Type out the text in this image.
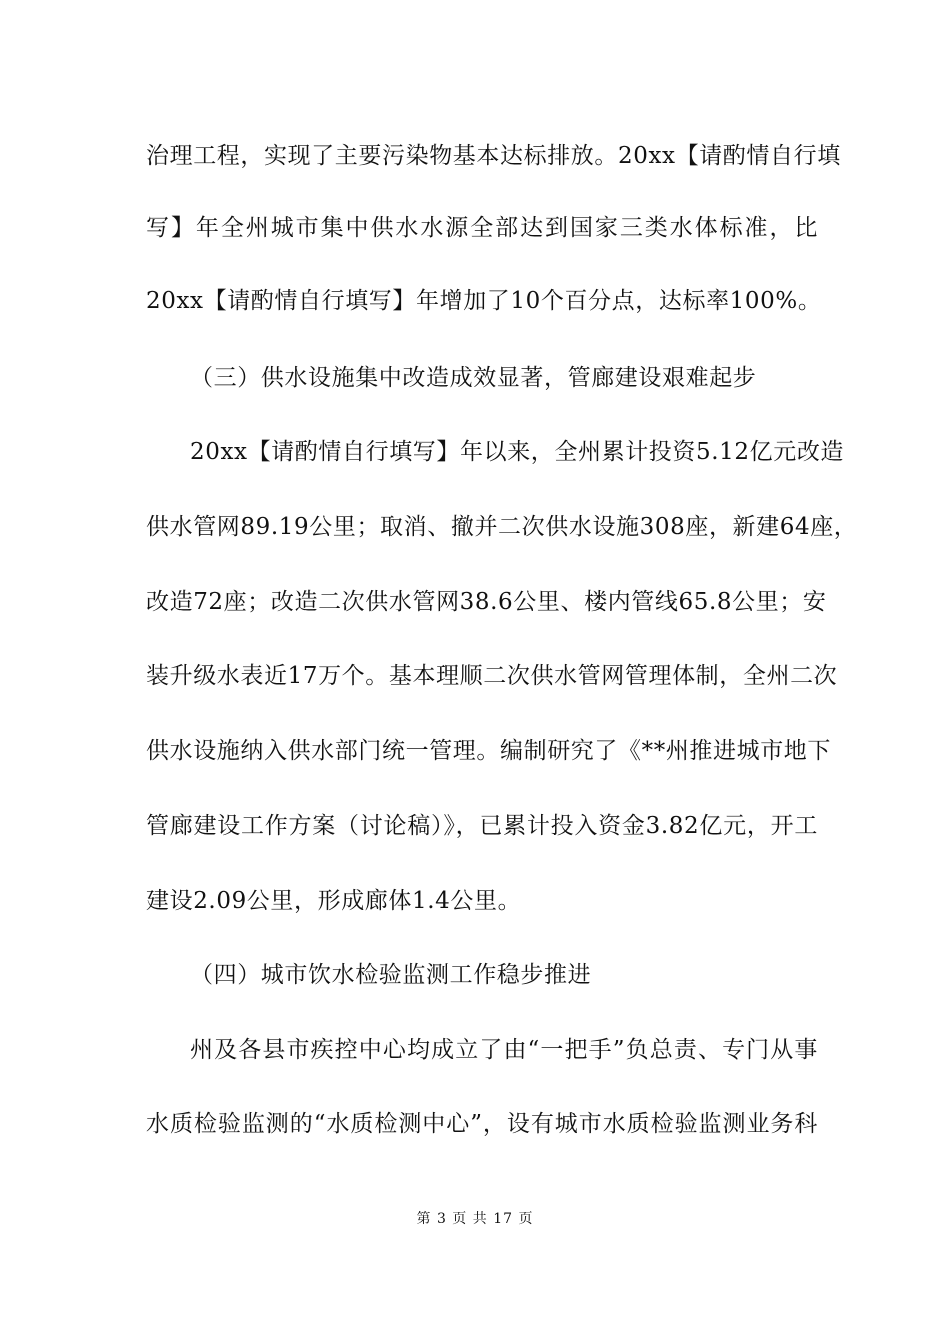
治理工程，实现了主要污染物基本达标排放。20xx【请酌情自行填
写】年全州城市集中供水水源全部达到国家三类水体标准，比
20xx【请酌情自行填写】年增加了10个百分点，达标率100%。
（三）供水设施集中改造成效显著，管廊建设艰难起步
20xx【请酌情自行填写】年以来，全州累计投资5.12亿元改造
供水管网89.19公里；取消、撤并二次供水设施308座，新建64座，
改造72座；改造二次供水管网38.6公里、楼内管线65.8公里；安
装升级水表近17万个。基本理顺二次供水管网管理体制，全州二次
供水设施纳入供水部门统一管理。编制研究了《**州推进城市地下
管廊建设工作方案（讨论稿）》，已累计投入资金3.82亿元，开工
建设2.09公里，形成廊体1.4公里。
（四）城市饮水检验监测工作稳步推进
州及各县市疾控中心均成立了由“一把手”负总责、专门从事
水质检验监测的“水质检测中心”，设有城市水质检验监测业务科
第 3 页 共 17 页
